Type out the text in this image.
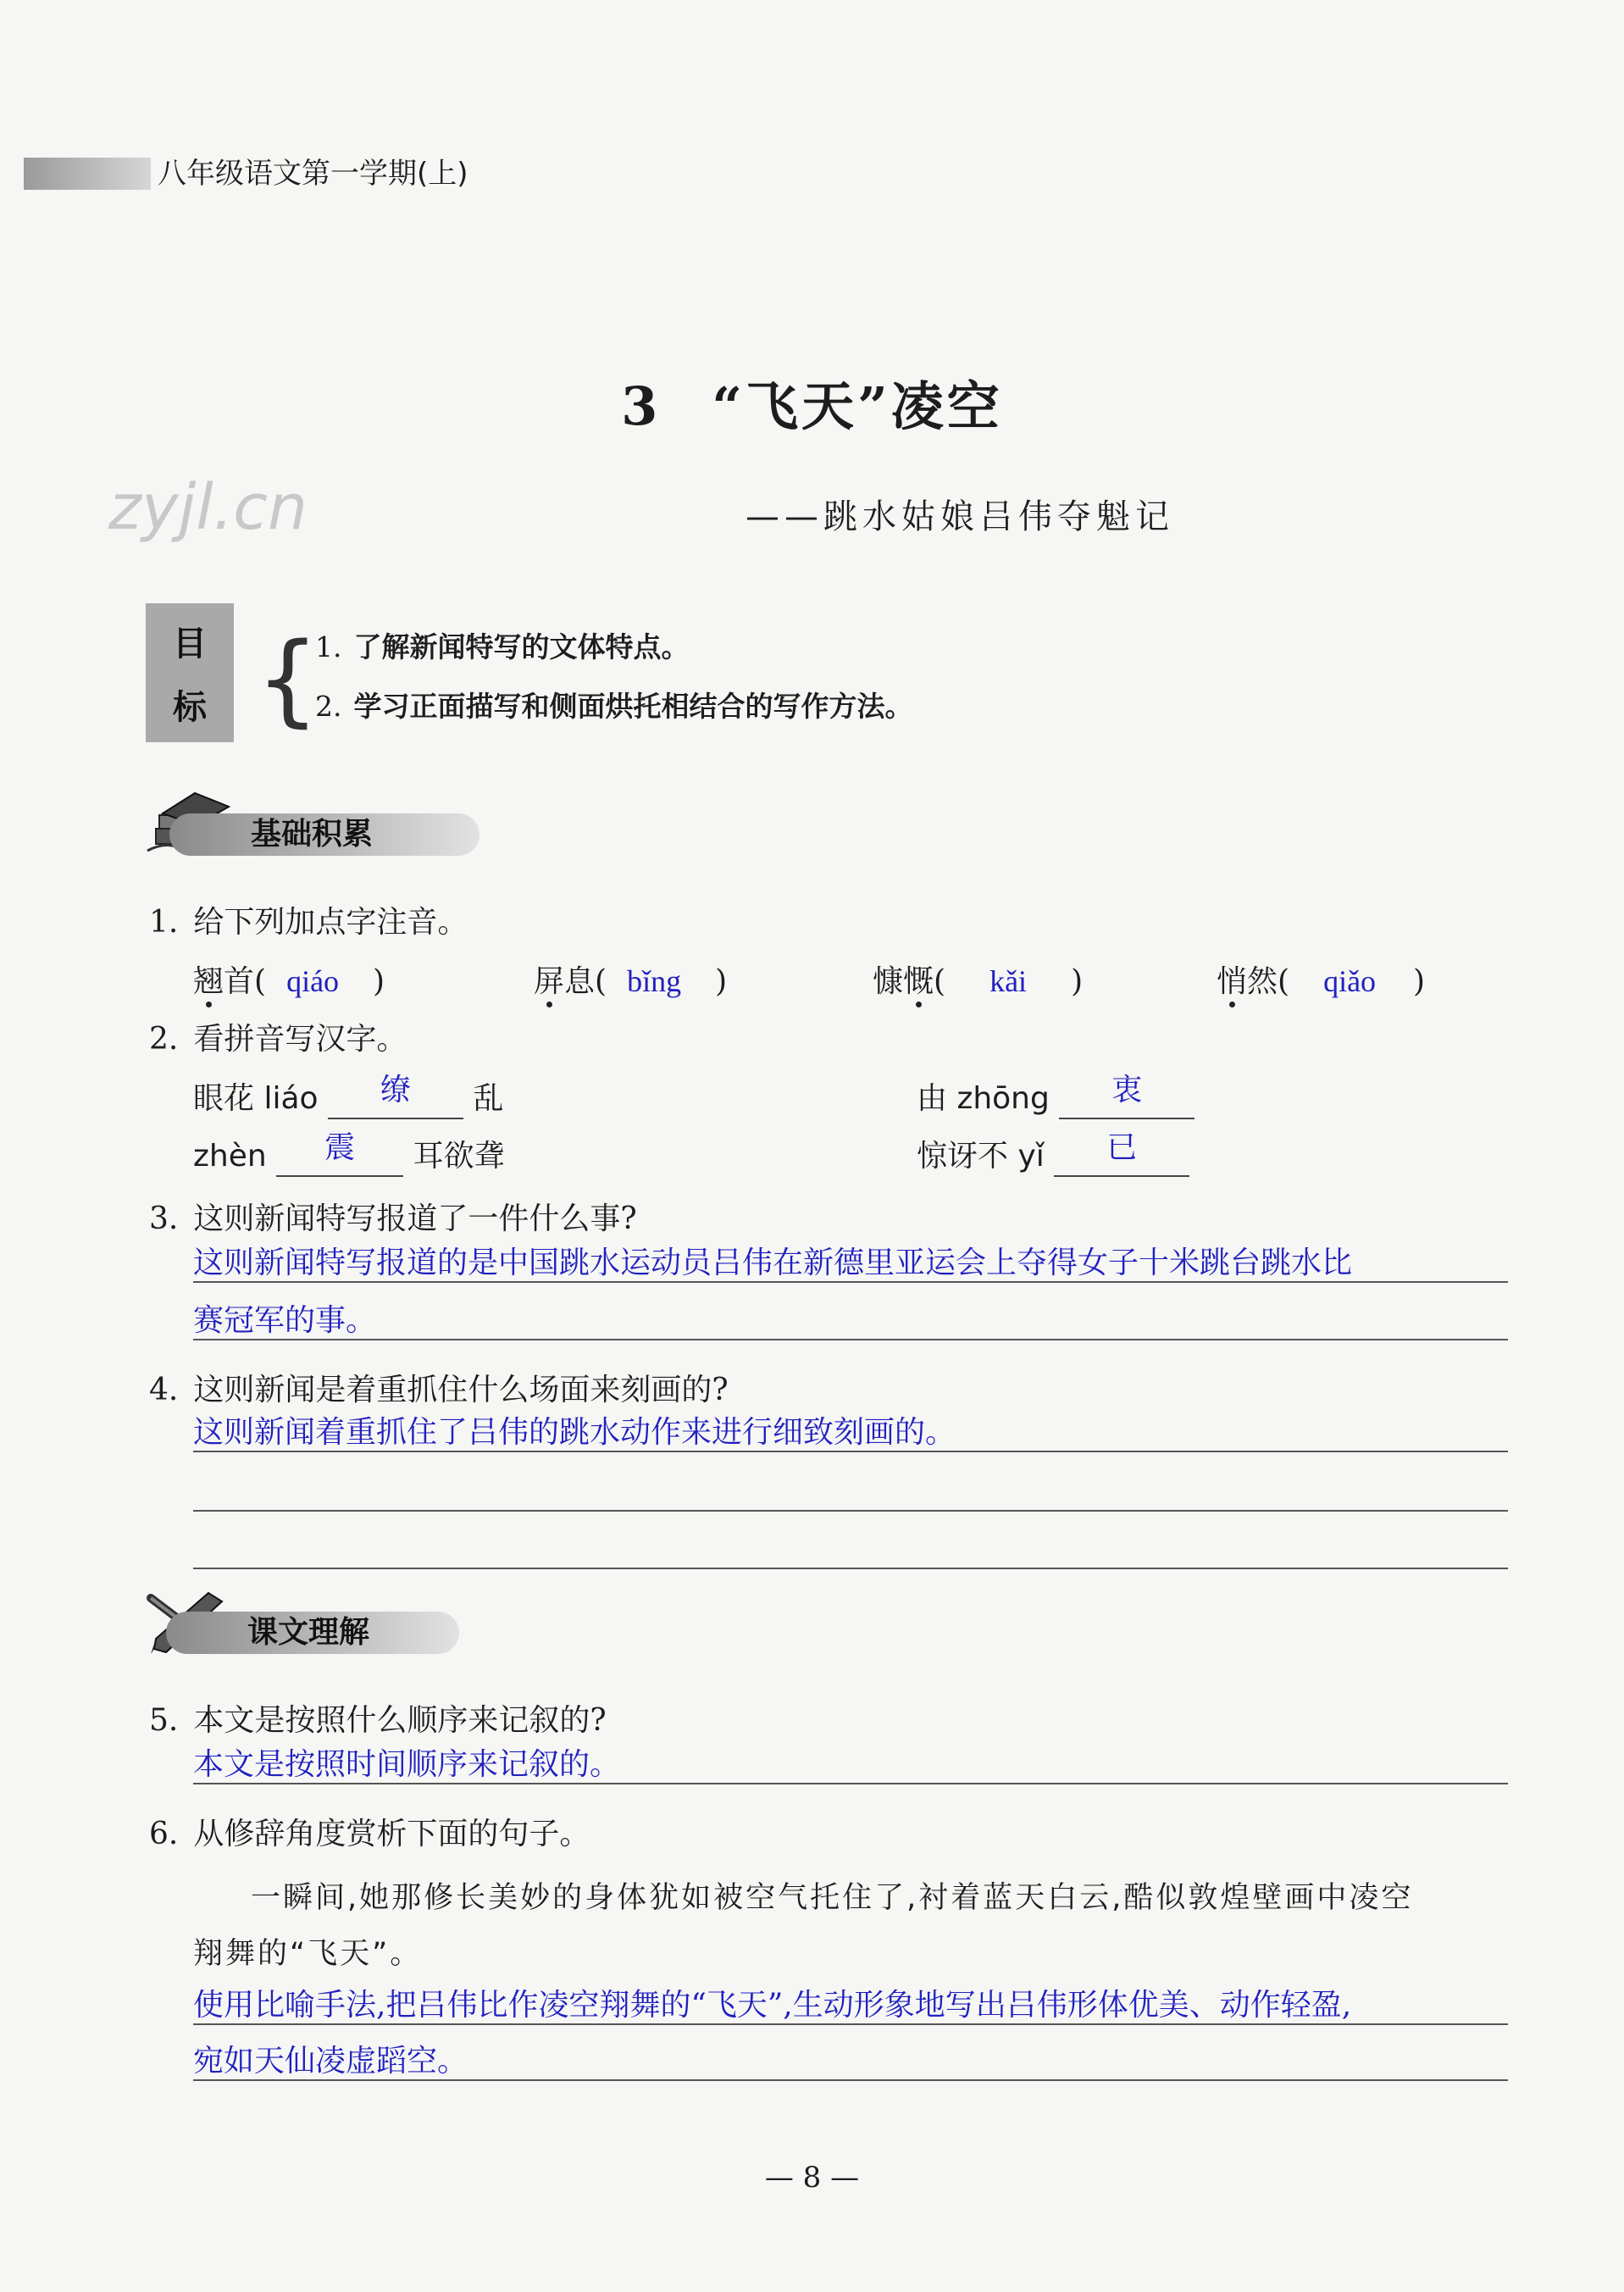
八年级语文第一学期(上)
zyjl.cn
3 “飞天”凌空
——跳水姑娘吕伟夺魁记
目
标 {
1. 了解新闻特写的文体特点。
2. 学习正面描写和侧面烘托相结合的写作方法。
基础积累
1. 给下列加点字注音。
翘首( qiáo )	屏息( bǐng )	慷慨( kǎi )	悄然( qiǎo )
2. 看拼音写汉字。
眼花 liáo 缭 乱	由 zhōng 衷
zhèn 震 耳欲聋	惊讶不 yǐ 已
3. 这则新闻特写报道了一件什么事?
这则新闻特写报道的是中国跳水运动员吕伟在新德里亚运会上夺得女子十米跳台跳水比
赛冠军的事。
4. 这则新闻是着重抓住什么场面来刻画的?
这则新闻着重抓住了吕伟的跳水动作来进行细致刻画的。
课文理解
5. 本文是按照什么顺序来记叙的?
本文是按照时间顺序来记叙的。
6. 从修辞角度赏析下面的句子。
一瞬间,她那修长美妙的身体犹如被空气托住了,衬着蓝天白云,酷似敦煌壁画中凌空
翔舞的“飞天”。
使用比喻手法,把吕伟比作凌空翔舞的“飞天”,生动形象地写出吕伟形体优美、动作轻盈,
宛如天仙凌虚蹈空。
— 8 —
